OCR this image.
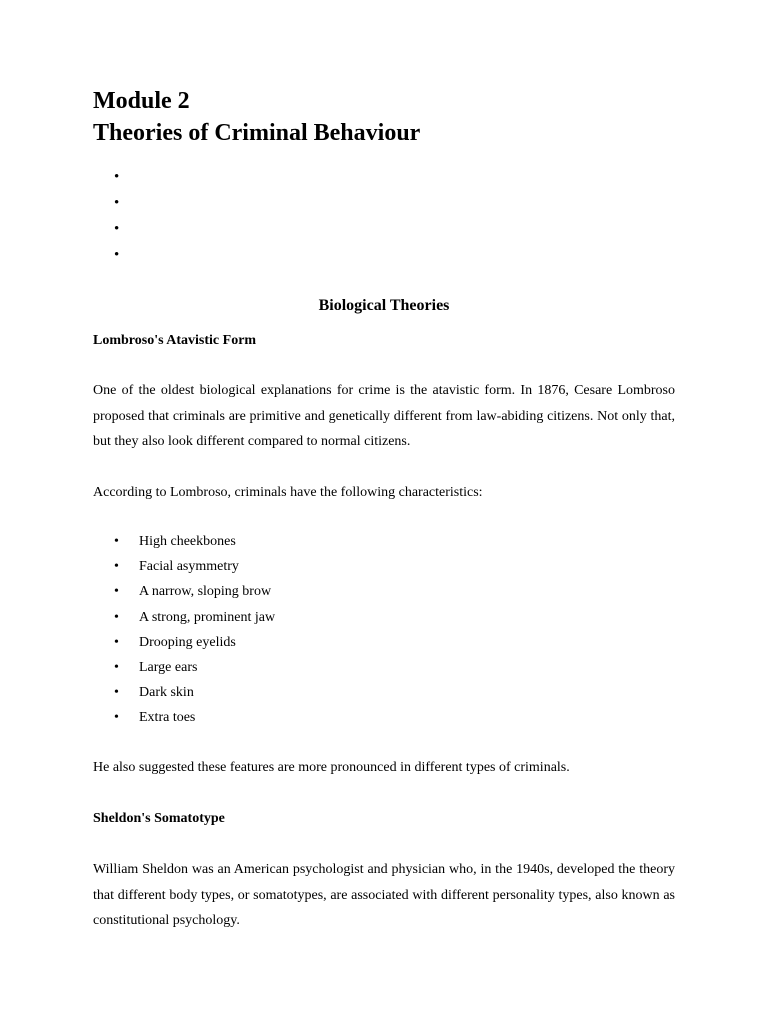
Module 2
Theories of Criminal Behaviour
Biological Theories
Lombroso's Atavistic Form

One of the oldest biological explanations for crime is the atavistic form. In 1876, Cesare Lombroso proposed that criminals are primitive and genetically different from law-abiding citizens. Not only that, but they also look different compared to normal citizens.

According to Lombroso, criminals have the following characteristics:

• High cheekbones
• Facial asymmetry
• A narrow, sloping brow
• A strong, prominent jaw
• Drooping eyelids
• Large ears
• Dark skin
• Extra toes

He also suggested these features are more pronounced in different types of criminals.

Sheldon's Somatotype

William Sheldon was an American psychologist and physician who, in the 1940s, developed the theory that different body types, or somatotypes, are associated with different personality types, also known as constitutional psychology.
